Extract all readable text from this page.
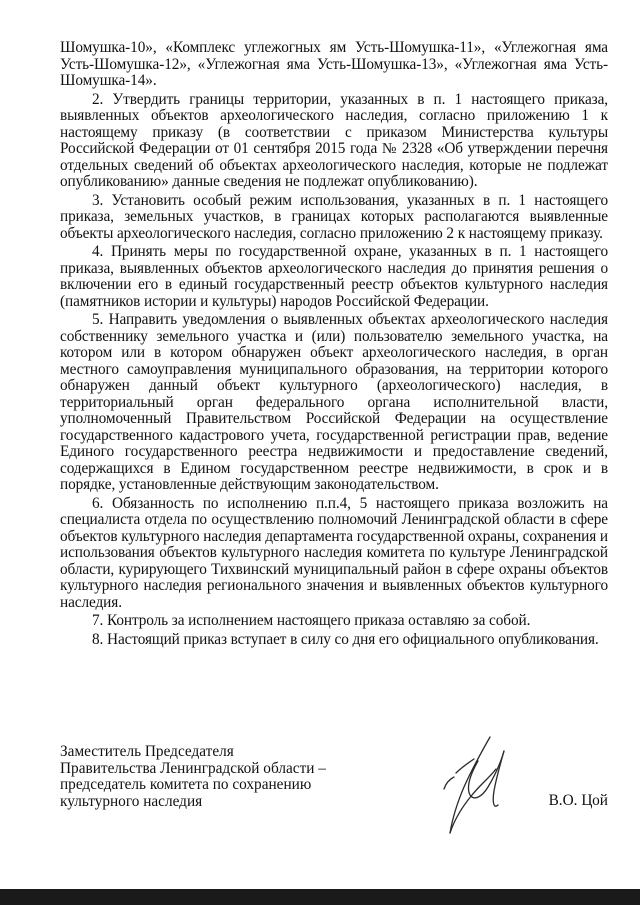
Шомушка-10», «Комплекс углежогных ям Усть-Шомушка-11», «Углежогная яма Усть-Шомушка-12», «Углежогная яма Усть-Шомушка-13», «Углежогная яма Усть-Шомушка-14».

2. Утвердить границы территории, указанных в п. 1 настоящего приказа, выявленных объектов археологического наследия, согласно приложению 1 к настоящему приказу (в соответствии с приказом Министерства культуры Российской Федерации от 01 сентября 2015 года № 2328 «Об утверждении перечня отдельных сведений об объектах археологического наследия, которые не подлежат опубликованию» данные сведения не подлежат опубликованию).

3. Установить особый режим использования, указанных в п. 1 настоящего приказа, земельных участков, в границах которых располагаются выявленные объекты археологического наследия, согласно приложению 2 к настоящему приказу.

4. Принять меры по государственной охране, указанных в п. 1 настоящего приказа, выявленных объектов археологического наследия до принятия решения о включении его в единый государственный реестр объектов культурного наследия (памятников истории и культуры) народов Российской Федерации.

5. Направить уведомления о выявленных объектах археологического наследия собственнику земельного участка и (или) пользователю земельного участка, на котором или в котором обнаружен объект археологического наследия, в орган местного самоуправления муниципального образования, на территории которого обнаружен данный объект культурного (археологического) наследия, в территориальный орган федерального органа исполнительной власти, уполномоченный Правительством Российской Федерации на осуществление государственного кадастрового учета, государственной регистрации прав, ведение Единого государственного реестра недвижимости и предоставление сведений, содержащихся в Едином государственном реестре недвижимости, в срок и в порядке, установленные действующим законодательством.

6. Обязанность по исполнению п.п.4, 5 настоящего приказа возложить на специалиста отдела по осуществлению полномочий Ленинградской области в сфере объектов культурного наследия департамента государственной охраны, сохранения и использования объектов культурного наследия комитета по культуре Ленинградской области, курирующего Тихвинский муниципальный район в сфере охраны объектов культурного наследия регионального значения и выявленных объектов культурного наследия.

7. Контроль за исполнением настоящего приказа оставляю за собой.

8. Настоящий приказ вступает в силу со дня его официального опубликования.

Заместитель Председателя
Правительства Ленинградской области –
председатель комитета по сохранению
культурного наследия	В.О. Цой
